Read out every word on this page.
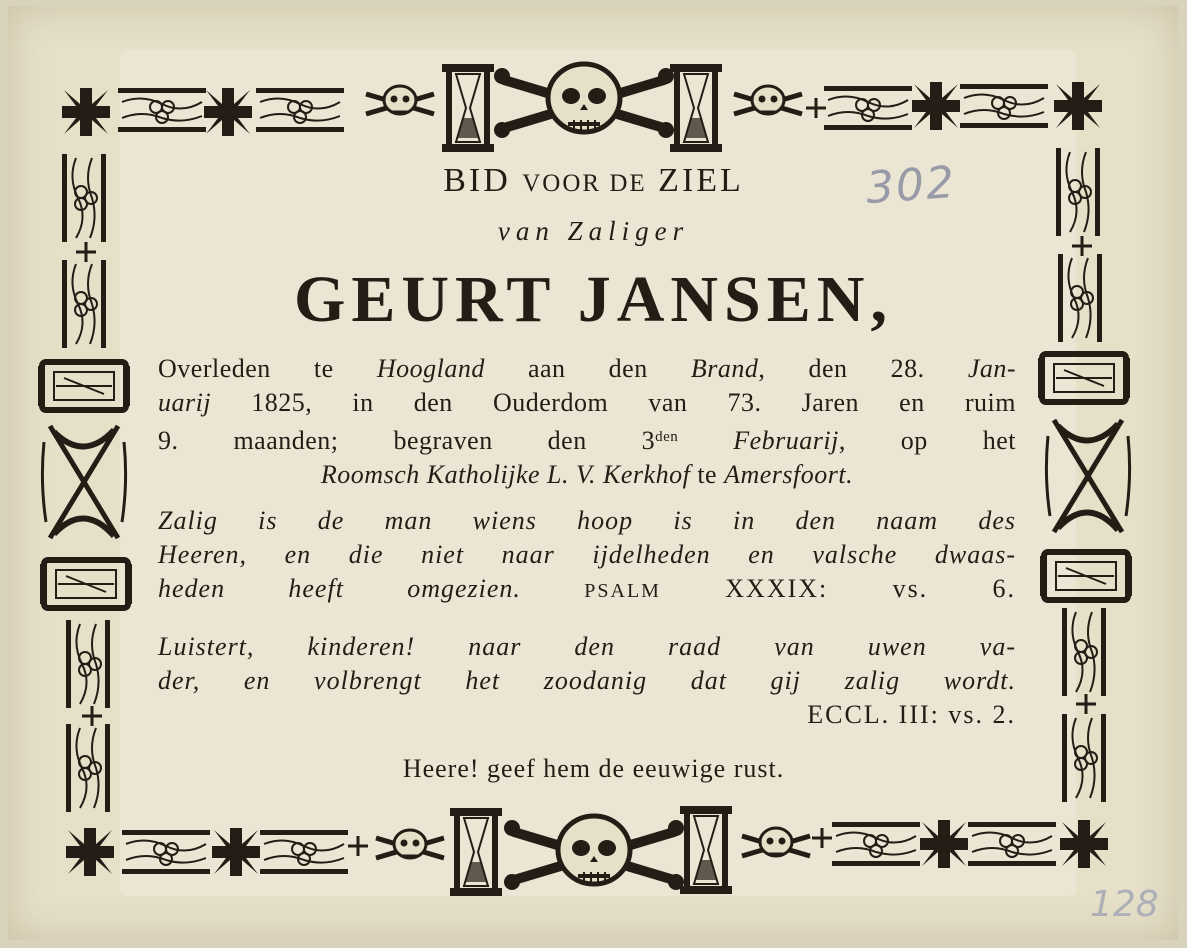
BID VOOR DE ZIEL
van Zaliger
GEURT JANSEN,
Overleden te Hoogland aan den Brand, den 28. Jan-
uarij 1825, in den Ouderdom van 73. Jaren en ruim
9. maanden; begraven den $3^{den}$ Februarij, op het
Roomsch Katholijke L. V. Kerkhof te Amersfoort.
Zalig is de man wiens hoop is in den naam des
Heeren, en die niet naar ijdelheden en valsche dwaas-
heden heeft omgezien.	PSALM XXXIX: vs. 6.
Luistert, kinderen! naar den raad van uwen va-
der, en volbrengt het zoodanig dat gij zalig wordt.
ECCL. III: vs. 2.
Heere! geef hem de eeuwige rust.
302
128
